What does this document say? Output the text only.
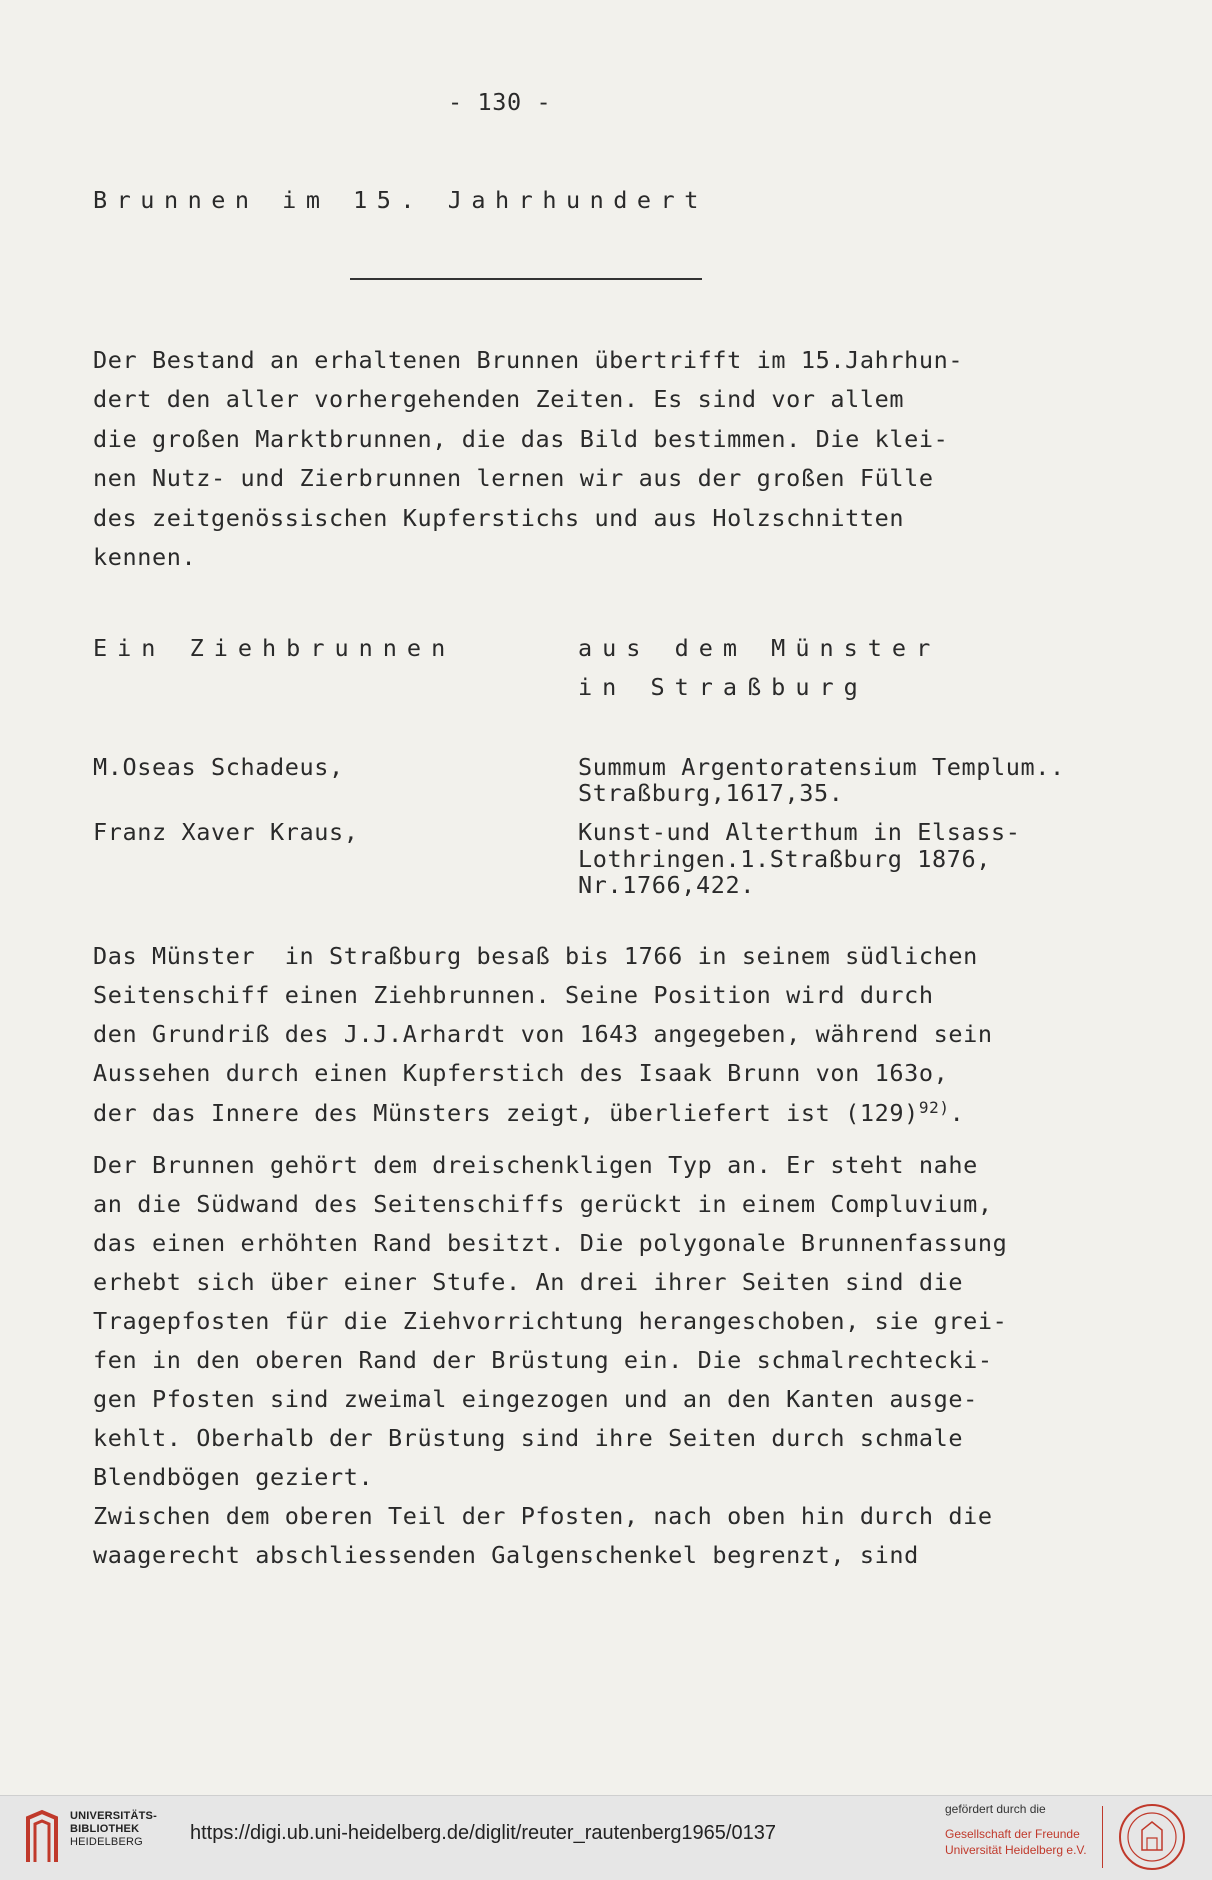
- 130 -
Brunnen im 15. Jahrhundert
Der Bestand an erhaltenen Brunnen übertrifft im 15.Jahrhun-
dert den aller vorhergehenden Zeiten. Es sind vor allem
die großen Marktbrunnen, die das Bild bestimmen. Die klei-
nen Nutz- und Zierbrunnen lernen wir aus der großen Fülle
des zeitgenössischen Kupferstichs und aus Holzschnitten
kennen.
Ein Ziehbrunnen	aus dem Münster
in Straßburg
M.Oseas Schadeus,	Summum Argentoratensium Templum..
Straßburg,1617,35.
Franz Xaver Kraus,	Kunst-und Alterthum in Elsass-
Lothringen.1.Straßburg 1876,
Nr.1766,422.
Das Münster  in Straßburg besaß bis 1766 in seinem südlichen
Seitenschiff einen Ziehbrunnen. Seine Position wird durch
den Grundriß des J.J.Arhardt von 1643 angegeben, während sein
Aussehen durch einen Kupferstich des Isaak Brunn von 163o,
der das Innere des Münsters zeigt, überliefert ist $(129)^{92)}$.
Der Brunnen gehört dem dreischenkligen Typ an. Er steht nahe
an die Südwand des Seitenschiffs gerückt in einem Compluvium,
das einen erhöhten Rand besitzt. Die polygonale Brunnenfassung
erhebt sich über einer Stufe. An drei ihrer Seiten sind die
Tragepfosten für die Ziehvorrichtung herangeschoben, sie grei-
fen in den oberen Rand der Brüstung ein. Die schmalrechtecki-
gen Pfosten sind zweimal eingezogen und an den Kanten ausge-
kehlt. Oberhalb der Brüstung sind ihre Seiten durch schmale
Blendbögen geziert.
Zwischen dem oberen Teil der Pfosten, nach oben hin durch die
waagerecht abschliessenden Galgenschenkel begrenzt, sind
UNIVERSITÄTS-
BIBLIOTHEK
HEIDELBERG	https://digi.ub.uni-heidelberg.de/diglit/reuter_rautenberg1965/0137
gefördert durch die
Gesellschaft der Freunde
Universität Heidelberg e.V.
